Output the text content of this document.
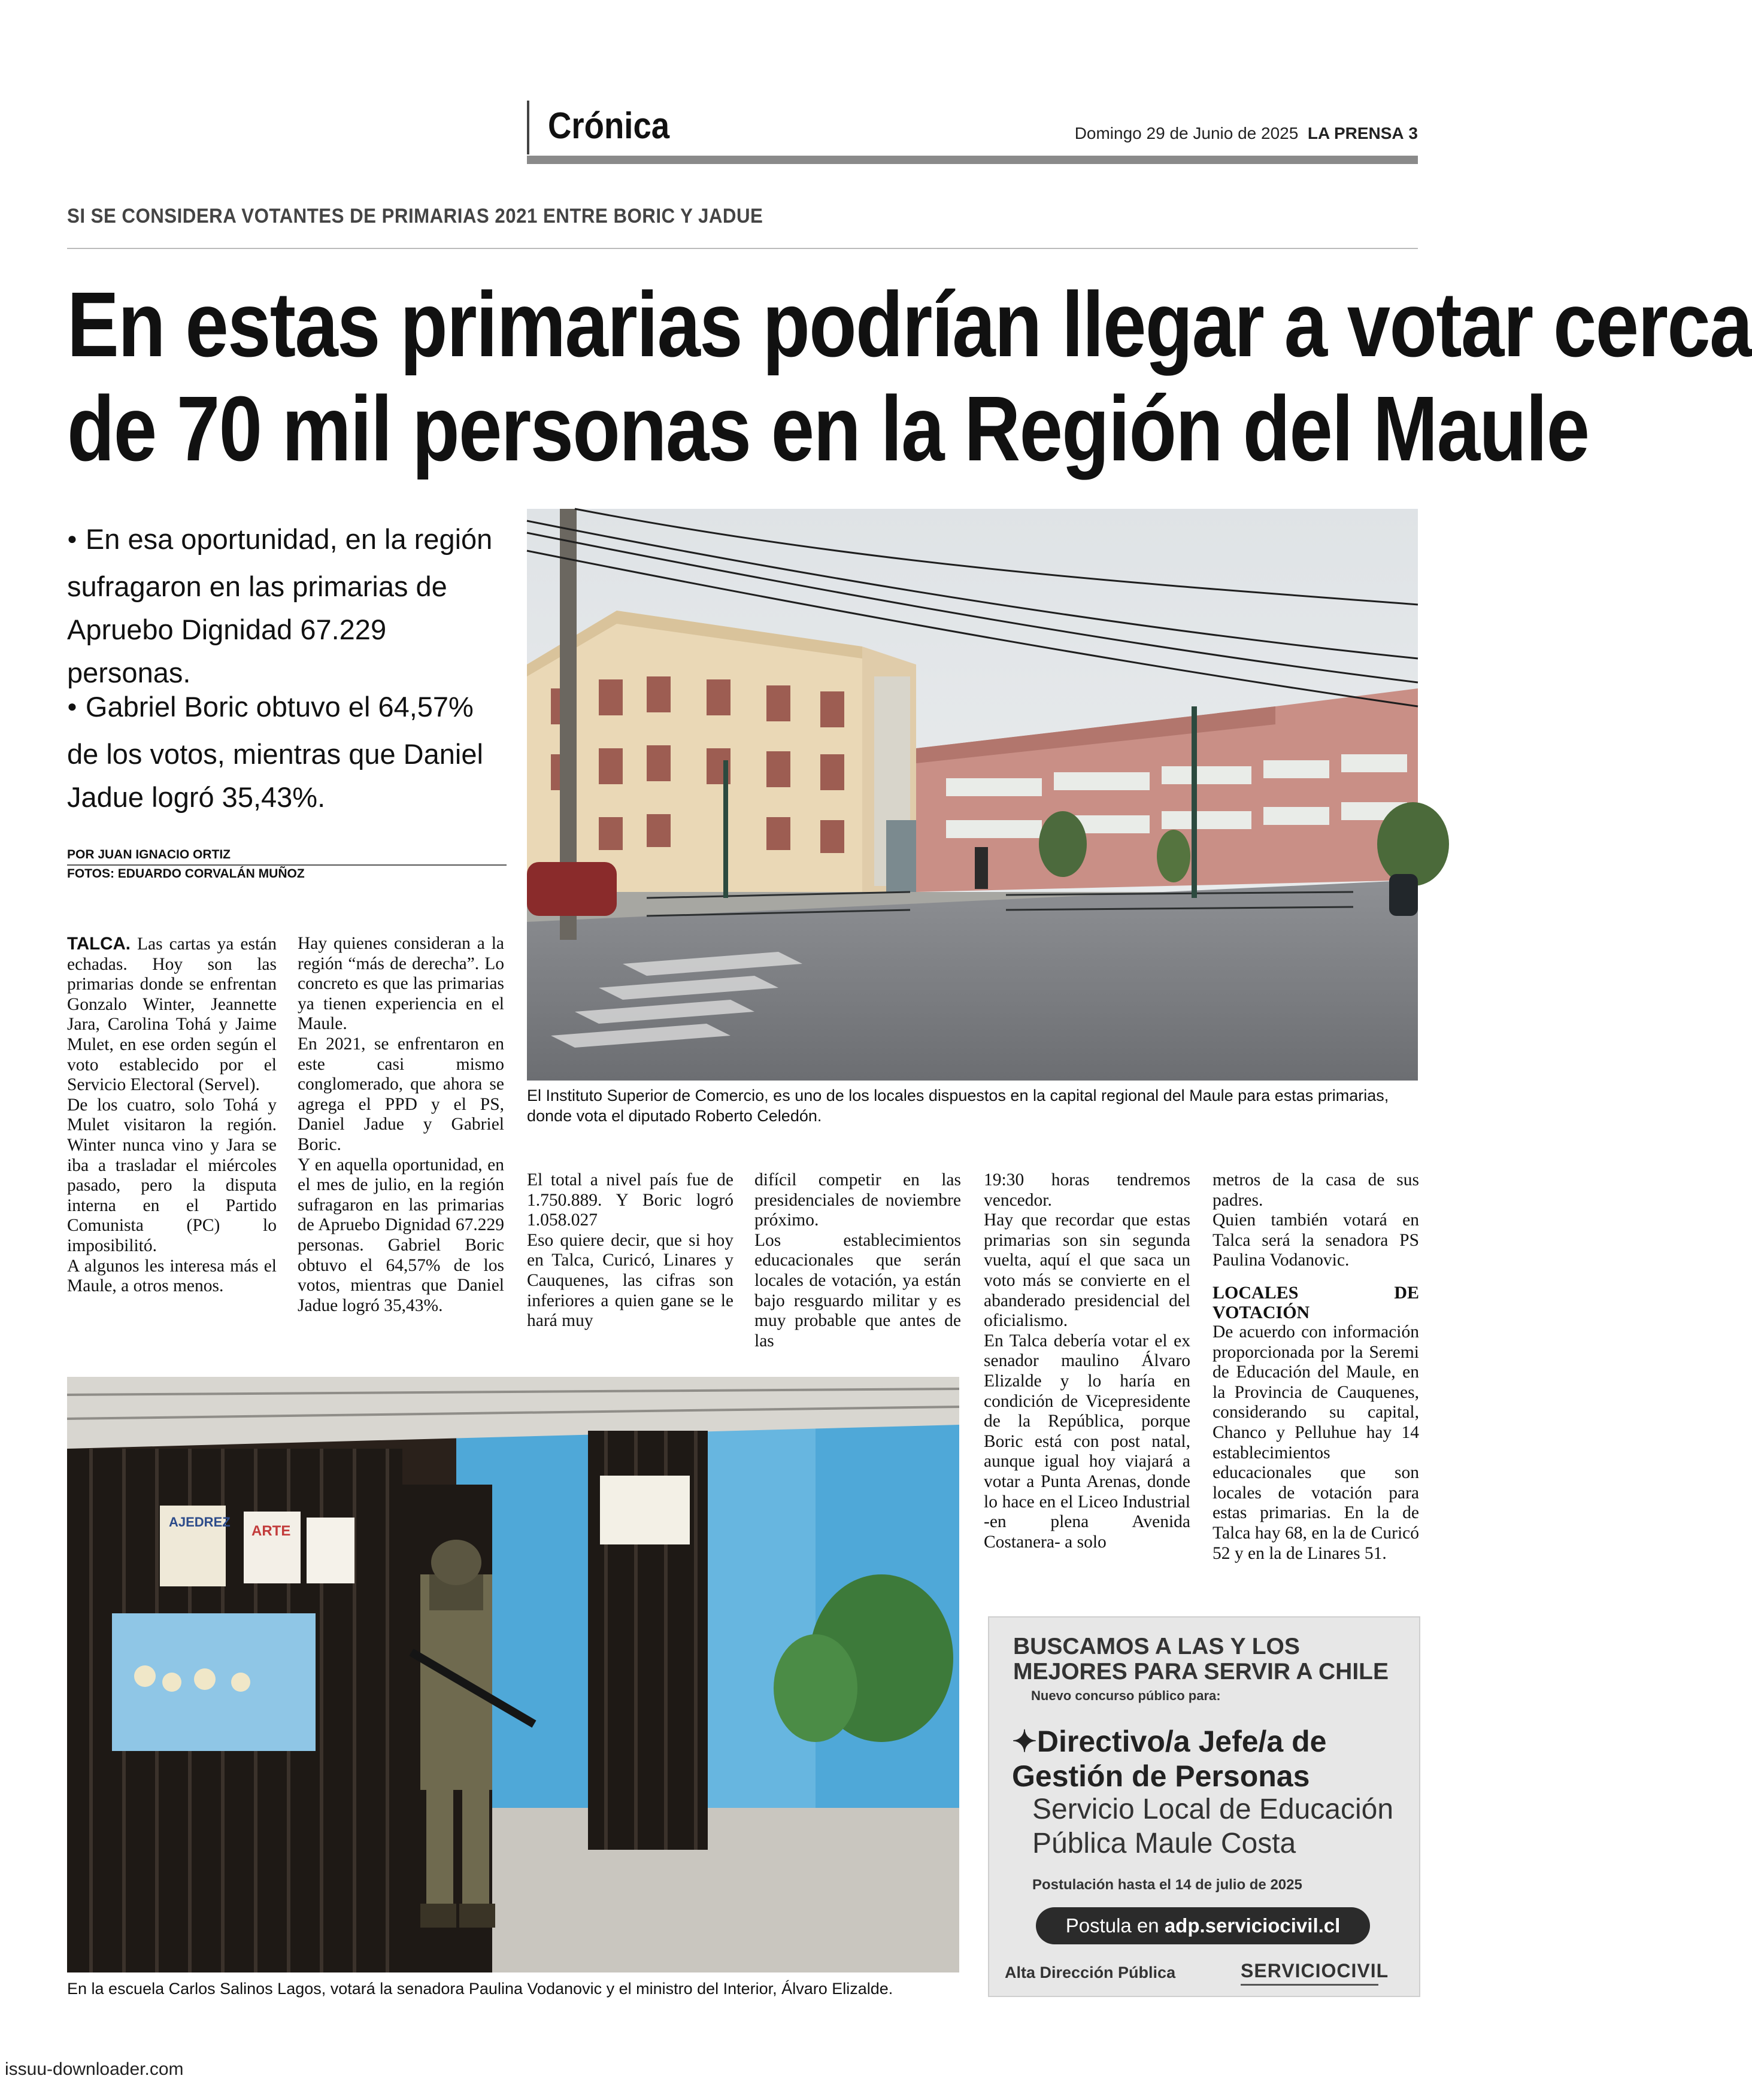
Crónica	Domingo 29 de Junio de 2025 LA PRENSA 3
SI SE CONSIDERA VOTANTES DE PRIMARIAS 2021 ENTRE BORIC Y JADUE
En estas primarias podrían llegar a votar cerca
de 70 mil personas en la Región del Maule
● En esa oportunidad, en la región sufragaron en las primarias de Apruebo Dignidad 67.229 personas.
● Gabriel Boric obtuvo el 64,57% de los votos, mientras que Daniel Jadue logró 35,43%.
POR JUAN IGNACIO ORTIZ
FOTOS: EDUARDO CORVALÁN MUÑOZ
El Instituto Superior de Comercio, es uno de los locales dispuestos en la capital regional del Maule para estas primarias, donde vota el diputado Roberto Celedón.

TALCA. Las cartas ya están echadas. Hoy son las primarias donde se enfrentan Gonzalo Winter, Jeannette Jara, Carolina Tohá y Jaime Mulet, en ese orden según el voto establecido por el Servicio Electoral (Servel).

De los cuatro, solo Tohá y Mulet visitaron la región. Winter nunca vino y Jara se iba a trasladar el miércoles pasado, pero la disputa interna en el Partido Comunista (PC) lo imposibilitó.

A algunos les interesa más el Maule, a otros menos.

Hay quienes consideran a la región “más de derecha”. Lo concreto es que las primarias ya tienen experiencia en el Maule.

En 2021, se enfrentaron en este casi mismo conglomerado, que ahora se agrega el PPD y el PS, Daniel Jadue y Gabriel Boric.

Y en aquella oportunidad, en el mes de julio, en la región sufragaron en las primarias de Apruebo Dignidad 67.229 personas. Gabriel Boric obtuvo el 64,57% de los votos, mientras que Daniel Jadue logró 35,43%.

El total a nivel país fue de 1.750.889. Y Boric logró 1.058.027

Eso quiere decir, que si hoy en Talca, Curicó, Linares y Cauquenes, las cifras son inferiores a quien gane se le hará muy

difícil competir en las presidenciales de noviembre próximo.

Los establecimientos educacionales que serán locales de votación, ya están bajo resguardo militar y es muy probable que antes de las

19:30 horas tendremos vencedor.

Hay que recordar que estas primarias son sin segunda vuelta, aquí el que saca un voto más se convierte en el abanderado presidencial del oficialismo.

En Talca debería votar el ex senador maulino Álvaro Elizalde y lo haría en condición de Vicepresidente de la República, porque Boric está con post natal, aunque igual hoy viajará a votar a Punta Arenas, donde lo hace en el Liceo Industrial -en plena Avenida Costanera- a solo

metros de la casa de sus padres.

Quien también votará en Talca será la senadora PS Paulina Vodanovic.

LOCALES DE VOTACIÓN

De acuerdo con información proporcionada por la Seremi de Educación del Maule, en la Provincia de Cauquenes, considerando su capital, Chanco y Pelluhue hay 14 establecimientos educacionales que son locales de votación para estas primarias. En la de Talca hay 68, en la de Curicó 52 y en la de Linares 51.

AJEDREZ
ARTE
En la escuela Carlos Salinos Lagos, votará la senadora Paulina Vodanovic y el ministro del Interior, Álvaro Elizalde.
BUSCAMOS A LAS Y LOS MEJORES PARA SERVIR A CHILE
Nuevo concurso público para:
✦Directivo/a Jefe/a de Gestión de Personas
Servicio Local de Educación Pública Maule Costa
Postulación hasta el 14 de julio de 2025
Postula en adp.serviciocivil.cl
Alta Dirección Pública	SERVICIOCIVIL
issuu-downloader.com
